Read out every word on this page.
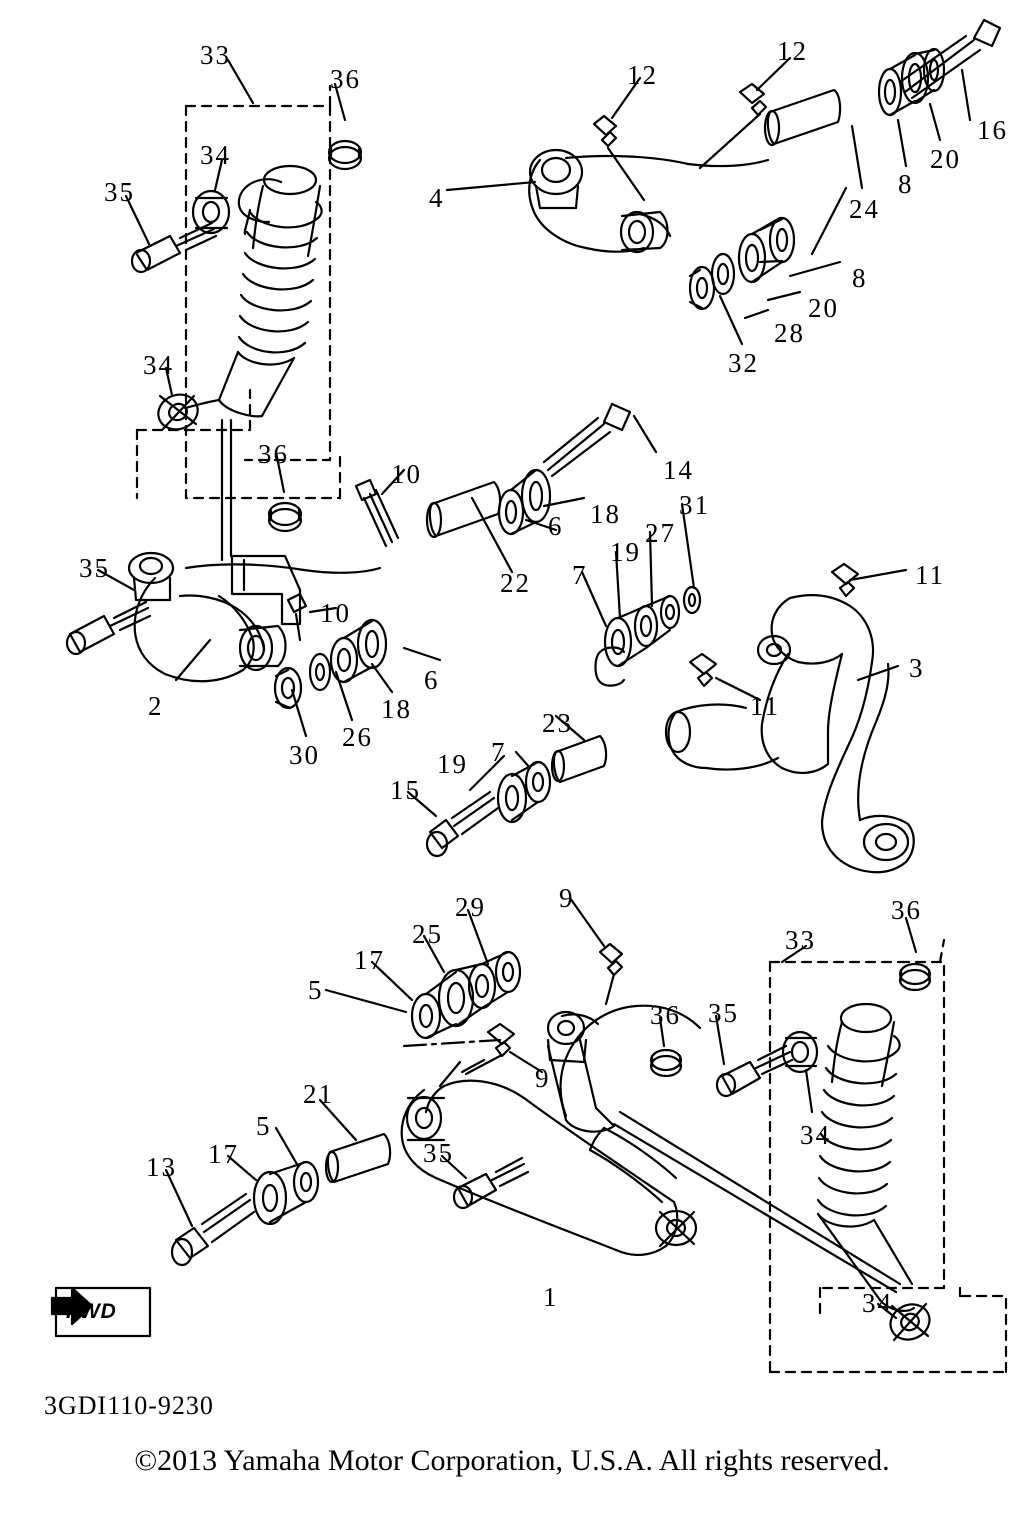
FWD
3GDI110-9230
©2013 Yamaha Motor Corporation, U.S.A. All rights reserved.
33
36	12
12
34
16
35
20
8
4	24
8
20
28
32
34
36
10	14
18 31
6	27
19
22 7	11
35
10
3
6
11
2	18
26
30
23
7
19
15
29	9
25
36
33
17
5
36 35
9
21
34
5
17	35
13
1	34
